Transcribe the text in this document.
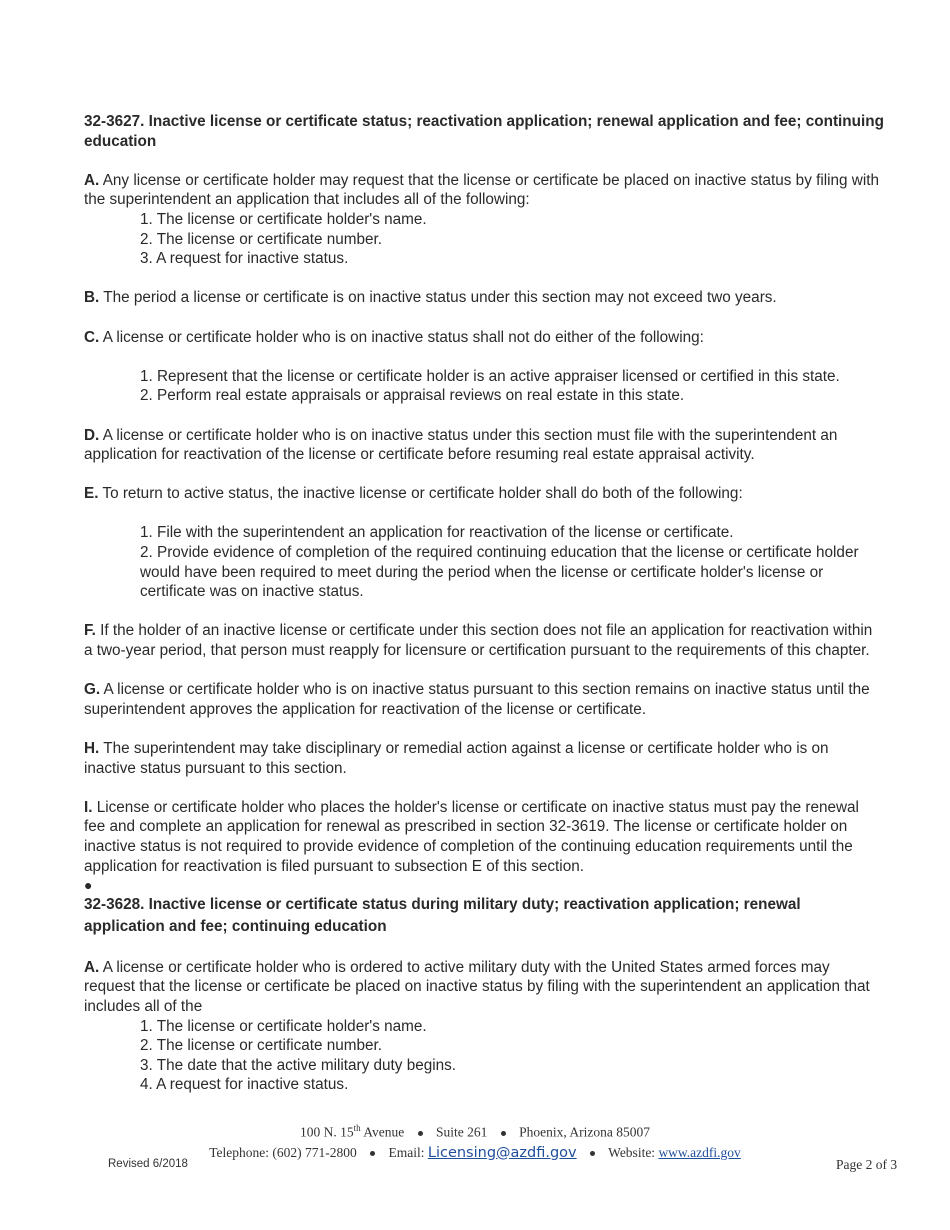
32-3627. Inactive license or certificate status; reactivation application; renewal application and fee; continuing education

A. Any license or certificate holder may request that the license or certificate be placed on inactive status by filing with the superintendent an application that includes all of the following:

1. The license or certificate holder's name.
2. The license or certificate number.
3. A request for inactive status.

B. The period a license or certificate is on inactive status under this section may not exceed two years.

C. A license or certificate holder who is on inactive status shall not do either of the following:

1. Represent that the license or certificate holder is an active appraiser licensed or certified in this state.
2. Perform real estate appraisals or appraisal reviews on real estate in this state.

D. A license or certificate holder who is on inactive status under this section must file with the superintendent an application for reactivation of the license or certificate before resuming real estate appraisal activity.

E. To return to active status, the inactive license or certificate holder shall do both of the following:

1. File with the superintendent an application for reactivation of the license or certificate.
2. Provide evidence of completion of the required continuing education that the license or certificate holder would have been required to meet during the period when the license or certificate holder's license or certificate was on inactive status.

F. If the holder of an inactive license or certificate under this section does not file an application for reactivation within a two-year period, that person must reapply for licensure or certification pursuant to the requirements of this chapter.

G. A license or certificate holder who is on inactive status pursuant to this section remains on inactive status until the superintendent approves the application for reactivation of the license or certificate.

H. The superintendent may take disciplinary or remedial action against a license or certificate holder who is on inactive status pursuant to this section.

I. License or certificate holder who places the holder's license or certificate on inactive status must pay the renewal fee and complete an application for renewal as prescribed in section 32-3619. The license or certificate holder on inactive status is not required to provide evidence of completion of the continuing education requirements until the application for reactivation is filed pursuant to subsection E of this section.

●

32-3628. Inactive license or certificate status during military duty; reactivation application; renewal application and fee; continuing education

A. A license or certificate holder who is ordered to active military duty with the United States armed forces may request that the license or certificate be placed on inactive status by filing with the superintendent an application that includes all of the

1. The license or certificate holder's name.
2. The license or certificate number.
3. The date that the active military duty begins.
4. A request for inactive status.
100 N. 15th Avenue Suite 261 Phoenix, Arizona 85007
Telephone: (602) 771-2800 Email: Licensing@azdfi.gov Website: www.azdfi.gov
Revised 6/2018	Page 2 of 3
